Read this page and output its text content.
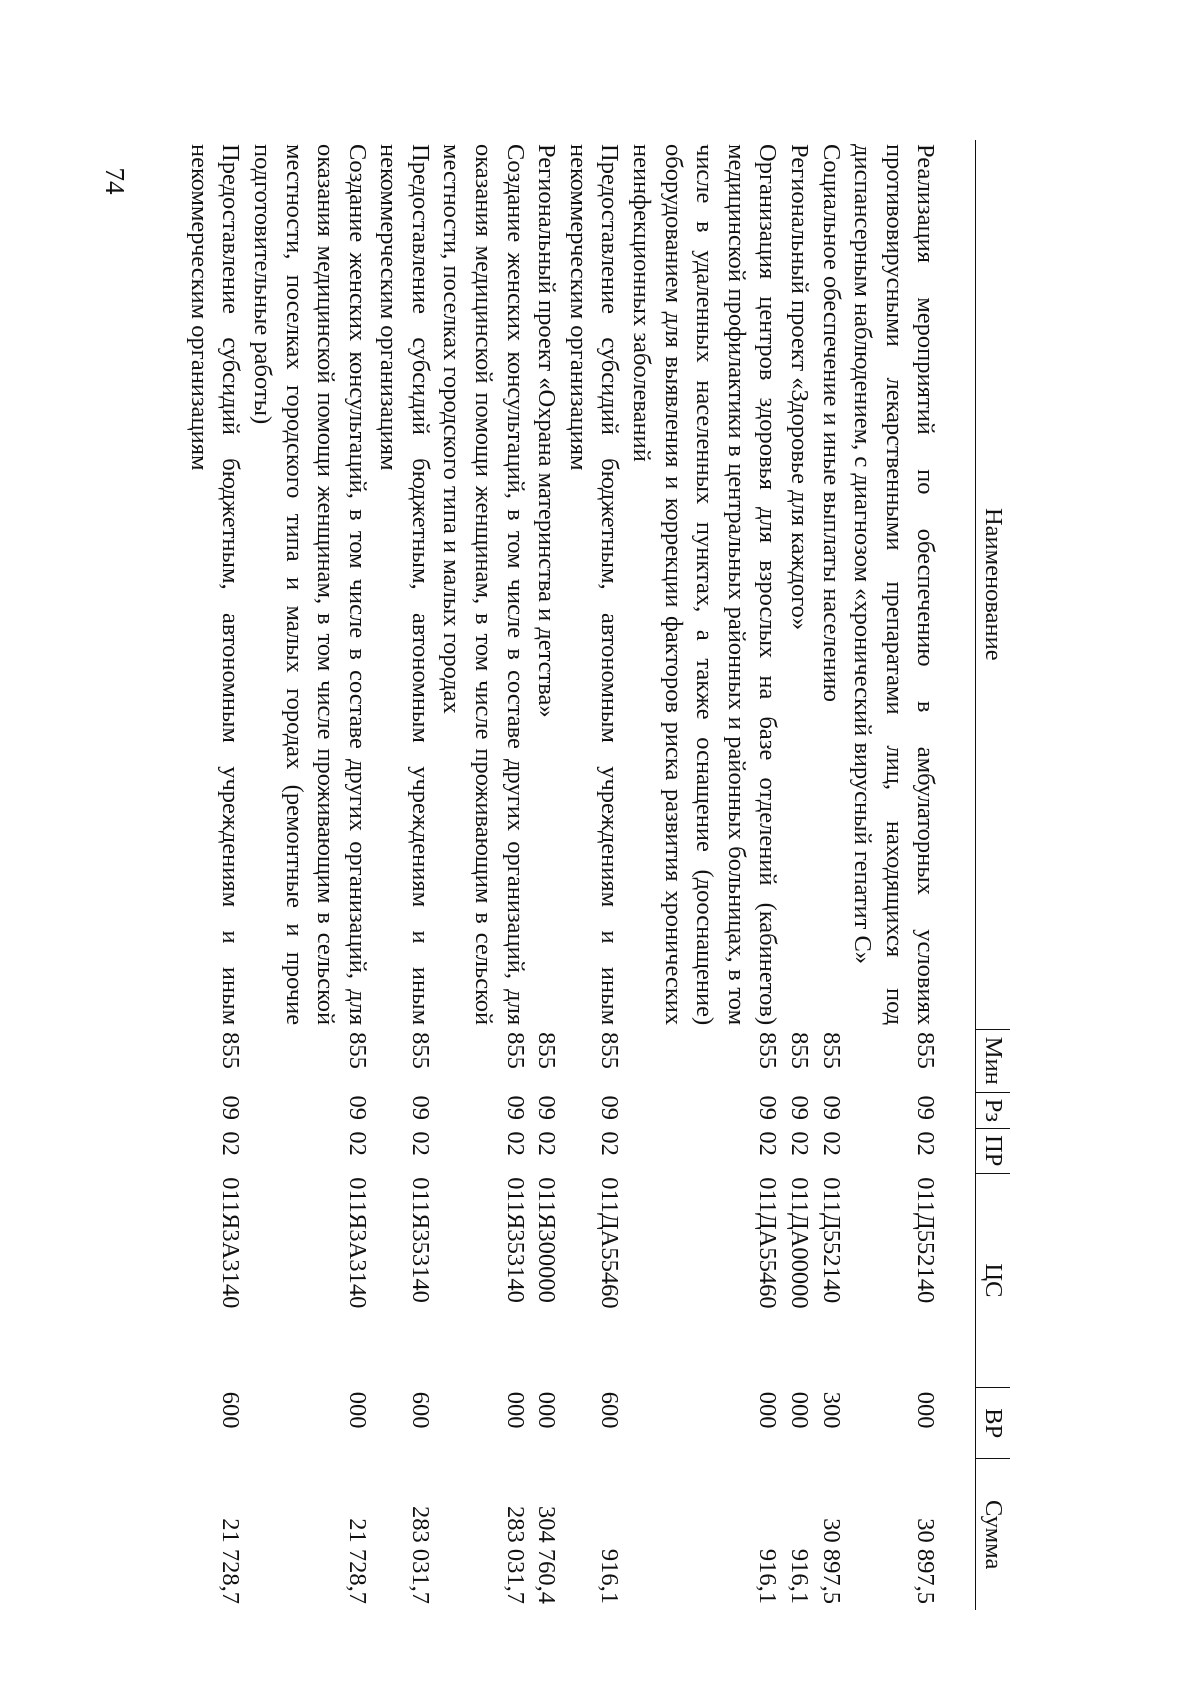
74
Наименование	Мин	Рз	ПР	ЦС	ВР	Сумма
Реализация мероприятий по обеспечению в амбулаторных условиях противовирусными лекарственными препаратами лиц, находящихся под диспансерным наблюдением, с диагнозом «хронический вирусный гепатит С»	855	09	02	011Д552140	000	30 897,5
Социальное обеспечение и иные выплаты населению	855	09	02	011Д552140	300	30 897,5
Региональный проект «Здоровье для каждого»	855	09	02	011ДА00000	000	916,1
Организация центров здоровья для взрослых на базе отделений (кабинетов) медицинской профилактики в центральных районных и районных больницах, в том числе в удаленных населенных пунктах, а также оснащение (дооснащение) оборудованием для выявления и коррекции факторов риска развития хронических неинфекционных заболеваний	855	09	02	011ДА55460	000	916,1
Предоставление субсидий бюджетным, автономным учреждениям и иным некоммерческим организациям	855	09	02	011ДА55460	600	916,1
Региональный проект «Охрана материнства и детства»	855	09	02	011Я300000	000	304 760,4
Создание женских консультаций, в том числе в составе других организаций, для оказания медицинской помощи женщинам, в том числе проживающим в сельской местности, поселках городского типа и малых городах	855	09	02	011Я353140	000	283 031,7
Предоставление субсидий бюджетным, автономным учреждениям и иным некоммерческим организациям	855	09	02	011Я353140	600	283 031,7
Создание женских консультаций, в том числе в составе других организаций, для оказания медицинской помощи женщинам, в том числе проживающим в сельской местности, поселках городского типа и малых городах (ремонтные и прочие подготовительные работы)	855	09	02	011Я3А3140	000	21 728,7
Предоставление субсидий бюджетным, автономным учреждениям и иным некоммерческим организациям	855	09	02	011Я3А3140	600	21 728,7
